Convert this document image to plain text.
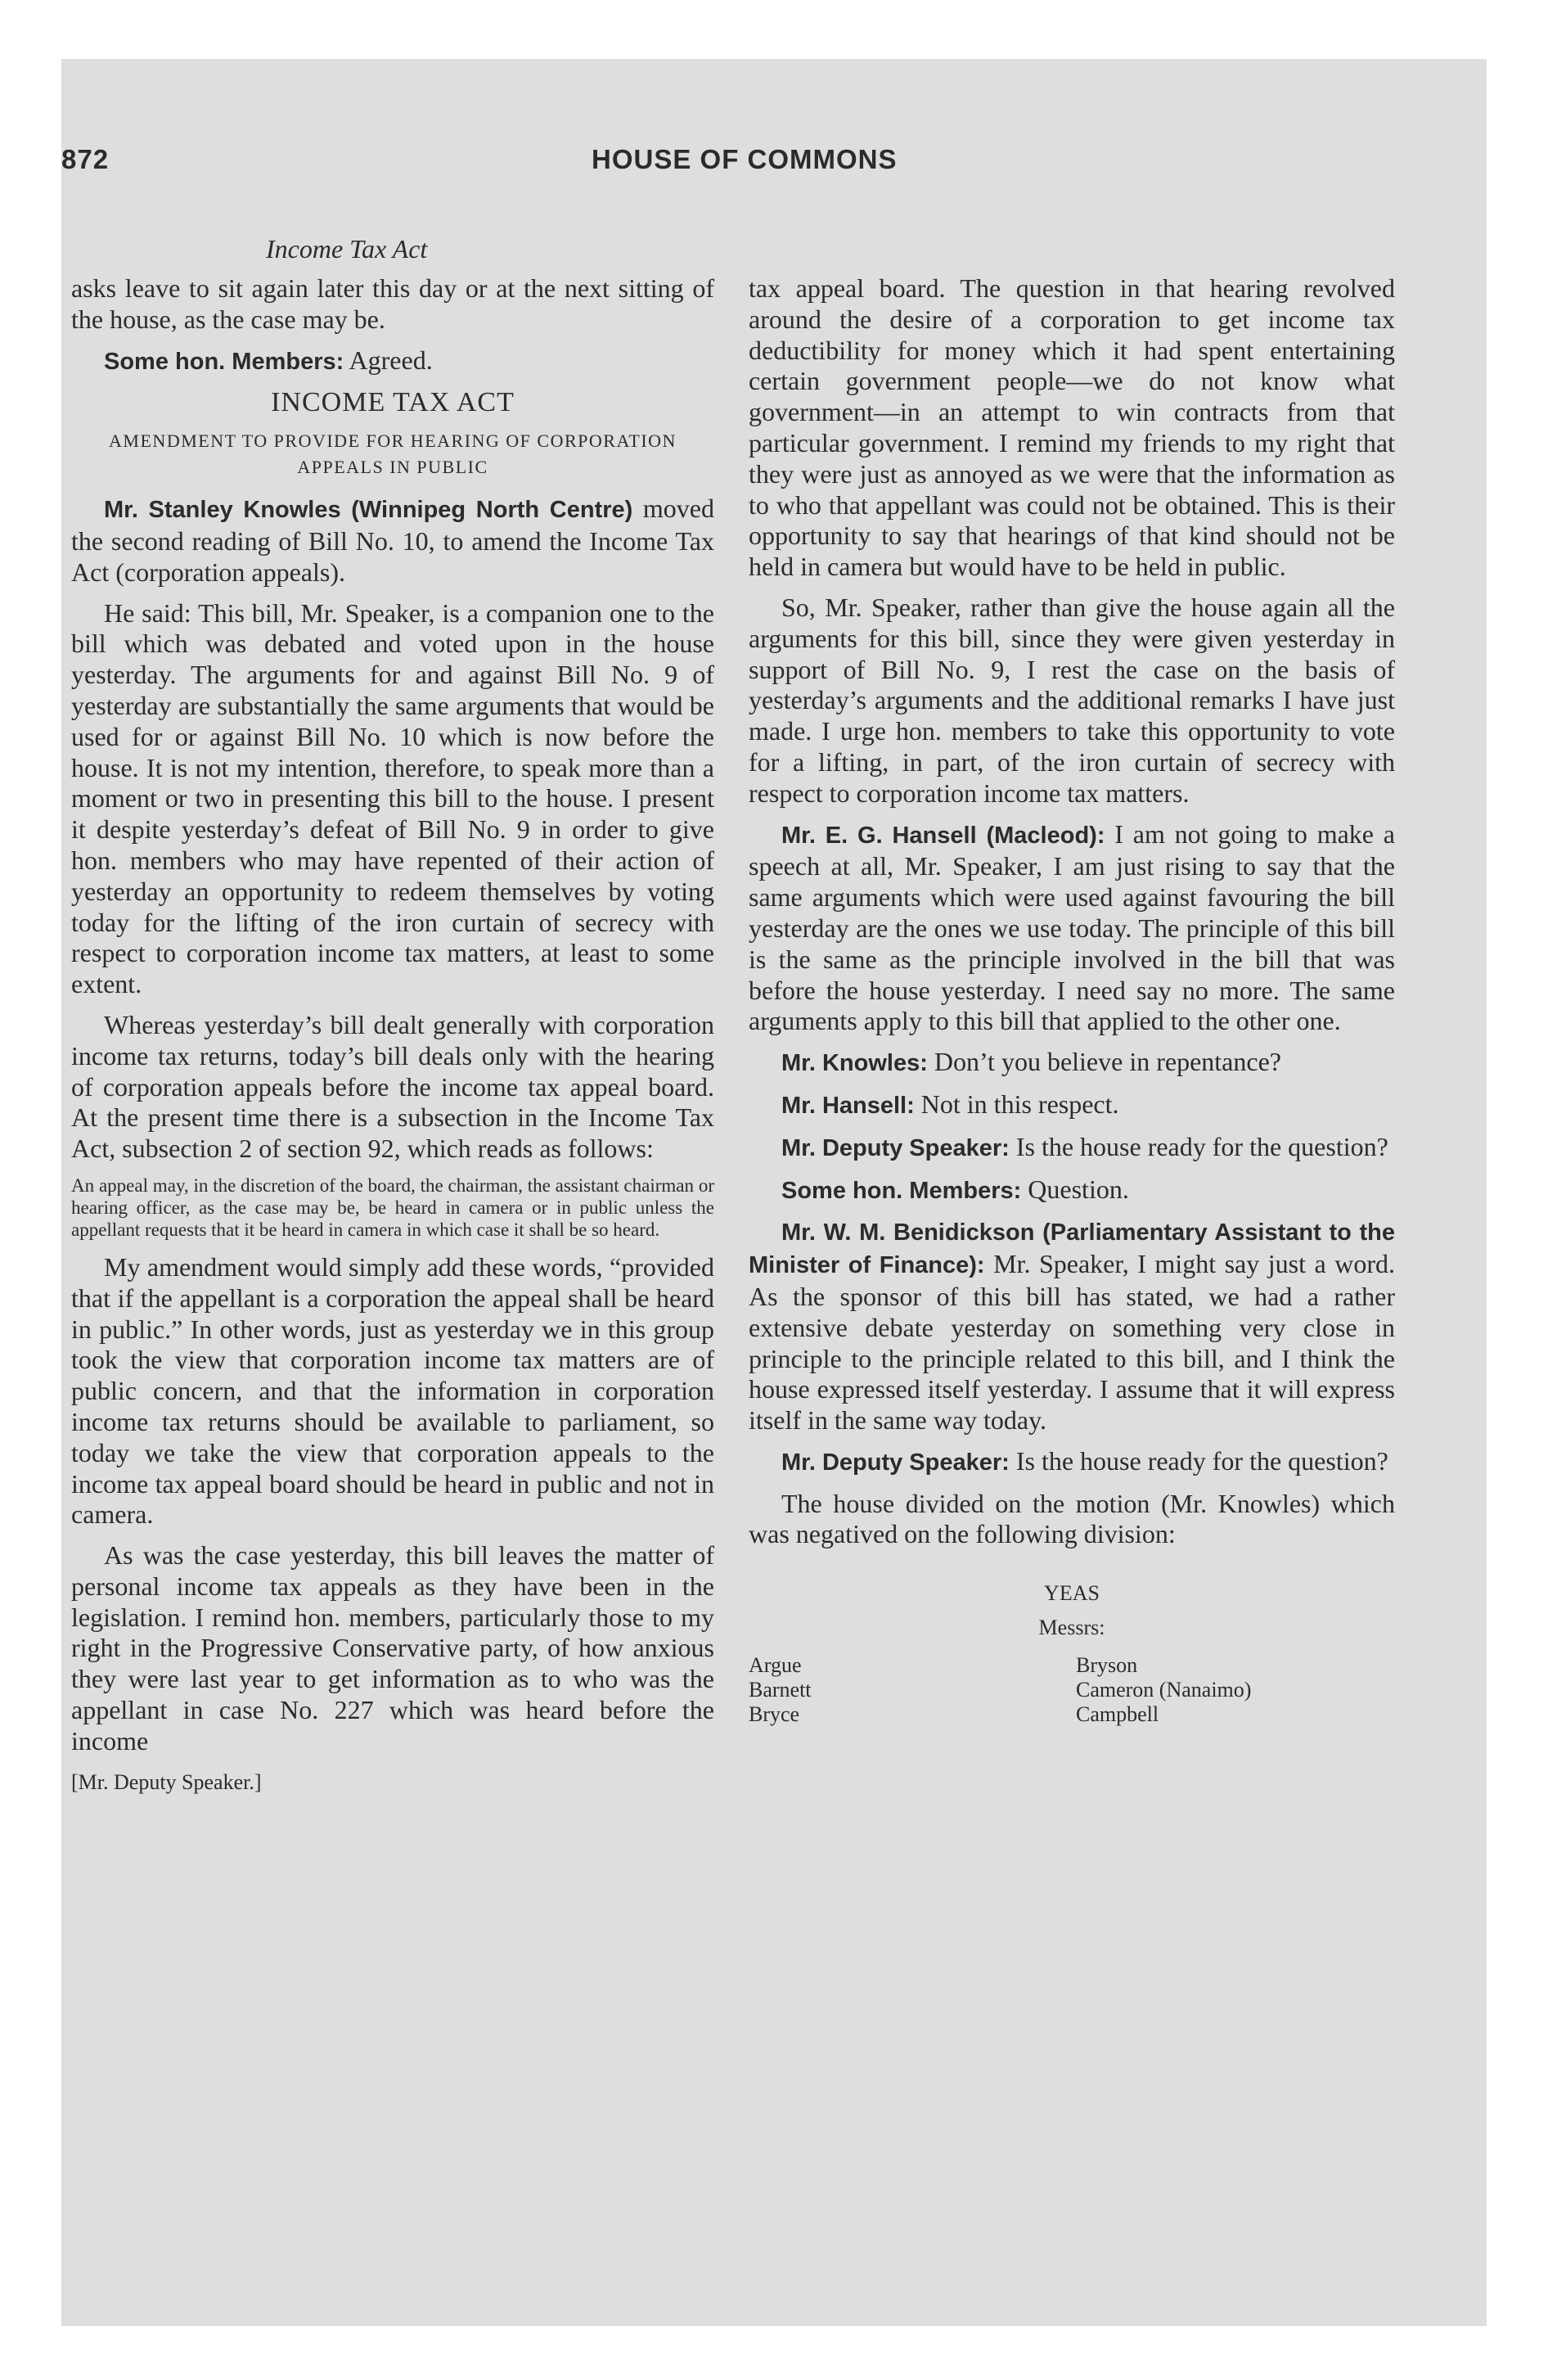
872	HOUSE OF COMMONS
Income Tax Act

asks leave to sit again later this day or at the next sitting of the house, as the case may be.

Some hon. Members: Agreed.

INCOME TAX ACT
AMENDMENT TO PROVIDE FOR HEARING OF CORPORATION APPEALS IN PUBLIC

Mr. Stanley Knowles (Winnipeg North Centre) moved the second reading of Bill No. 10, to amend the Income Tax Act (corporation appeals).

He said: This bill, Mr. Speaker, is a companion one to the bill which was debated and voted upon in the house yesterday. The arguments for and against Bill No. 9 of yesterday are substantially the same arguments that would be used for or against Bill No. 10 which is now before the house. It is not my intention, therefore, to speak more than a moment or two in presenting this bill to the house. I present it despite yesterday’s defeat of Bill No. 9 in order to give hon. members who may have repented of their action of yesterday an opportunity to redeem themselves by voting today for the lifting of the iron curtain of secrecy with respect to corporation income tax matters, at least to some extent.

Whereas yesterday’s bill dealt generally with corporation income tax returns, today’s bill deals only with the hearing of corporation appeals before the income tax appeal board. At the present time there is a subsection in the Income Tax Act, subsection 2 of section 92, which reads as follows:

An appeal may, in the discretion of the board, the chairman, the assistant chairman or hearing officer, as the case may be, be heard in camera or in public unless the appellant requests that it be heard in camera in which case it shall be so heard.

My amendment would simply add these words, “provided that if the appellant is a corporation the appeal shall be heard in public.” In other words, just as yesterday we in this group took the view that corporation income tax matters are of public concern, and that the information in corporation income tax returns should be available to parliament, so today we take the view that corporation appeals to the income tax appeal board should be heard in public and not in camera.

As was the case yesterday, this bill leaves the matter of personal income tax appeals as they have been in the legislation. I remind hon. members, particularly those to my right in the Progressive Conservative party, of how anxious they were last year to get information as to who was the appellant in case No. 227 which was heard before the income

[Mr. Deputy Speaker.]

tax appeal board. The question in that hearing revolved around the desire of a corporation to get income tax deductibility for money which it had spent entertaining certain government people—we do not know what government—in an attempt to win contracts from that particular government. I remind my friends to my right that they were just as annoyed as we were that the information as to who that appellant was could not be obtained. This is their opportunity to say that hearings of that kind should not be held in camera but would have to be held in public.

So, Mr. Speaker, rather than give the house again all the arguments for this bill, since they were given yesterday in support of Bill No. 9, I rest the case on the basis of yesterday’s arguments and the additional remarks I have just made. I urge hon. members to take this opportunity to vote for a lifting, in part, of the iron curtain of secrecy with respect to corporation income tax matters.

Mr. E. G. Hansell (Macleod): I am not going to make a speech at all, Mr. Speaker, I am just rising to say that the same arguments which were used against favouring the bill yesterday are the ones we use today. The principle of this bill is the same as the principle involved in the bill that was before the house yesterday. I need say no more. The same arguments apply to this bill that applied to the other one.

Mr. Knowles: Don’t you believe in repentance?

Mr. Hansell: Not in this respect.

Mr. Deputy Speaker: Is the house ready for the question?

Some hon. Members: Question.

Mr. W. M. Benidickson (Parliamentary Assistant to the Minister of Finance): Mr. Speaker, I might say just a word. As the sponsor of this bill has stated, we had a rather extensive debate yesterday on something very close in principle to the principle related to this bill, and I think the house expressed itself yesterday. I assume that it will express itself in the same way today.

Mr. Deputy Speaker: Is the house ready for the question?

The house divided on the motion (Mr. Knowles) which was negatived on the following division:

YEAS
Messrs:
Argue
Barnett
Bryce
Bryson
Cameron (Nanaimo)
Campbell
